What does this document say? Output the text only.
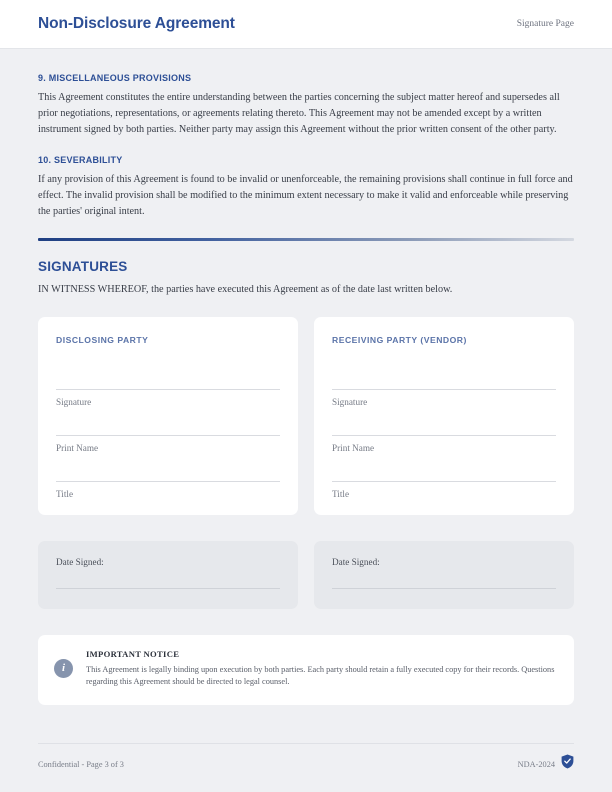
Non-Disclosure Agreement	Signature Page
9. MISCELLANEOUS PROVISIONS
This Agreement constitutes the entire understanding between the parties concerning the subject matter hereof and supersedes all prior negotiations, representations, or agreements relating thereto. This Agreement may not be amended except by a written instrument signed by both parties. Neither party may assign this Agreement without the prior written consent of the other party.
10. SEVERABILITY
If any provision of this Agreement is found to be invalid or unenforceable, the remaining provisions shall continue in full force and effect. The invalid provision shall be modified to the minimum extent necessary to make it valid and enforceable while preserving the parties' original intent.
SIGNATURES
IN WITNESS WHEREOF, the parties have executed this Agreement as of the date last written below.
DISCLOSING PARTY
Signature
Print Name
Title
RECEIVING PARTY (VENDOR)
Signature
Print Name
Title
Date Signed:	Date Signed:
i
IMPORTANT NOTICE
This Agreement is legally binding upon execution by both parties. Each party should retain a fully executed copy for their records. Questions regarding this Agreement should be directed to legal counsel.
Confidential - Page 3 of 3	NDA-2024
